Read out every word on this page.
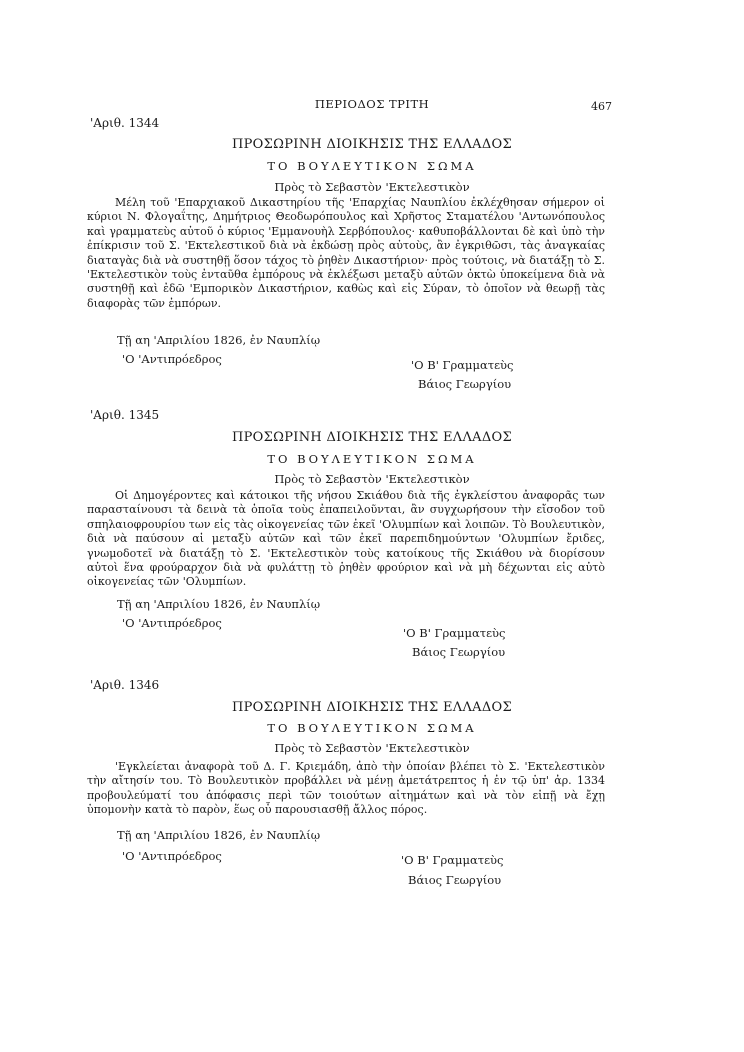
ΠΕΡΙΟΔΟΣ ΤΡΙΤΗ	467
'Αριθ. 1344
ΠΡΟΣΩΡΙΝΗ ΔΙΟΙΚΗΣΙΣ ΤΗΣ ΕΛΛΑΔΟΣ
ΤΟ ΒΟΥΛΕΥΤΙΚΟΝ ΣΩΜΑ
Πρὸς τὸ Σεβαστὸν 'Εκτελεστικὸν

Μέλη τοῦ 'Επαρχιακοῦ Δικαστηρίου τῆς 'Επαρχίας Ναυπλίου ἐκλέχθησαν σήμερον οἱ κύριοι Ν. Φλογαΐτης, Δημήτριος Θεοδωρόπουλος καὶ Χρῆστος Σταματέλου 'Αντωνόπουλος καὶ γραμματεὺς αὐτοῦ ὁ κύριος 'Εμμανουὴλ Σερβόπουλος· καθυποβάλλονται δὲ καὶ ὑπὸ τὴν ἐπίκρισιν τοῦ Σ. 'Εκτελεστικοῦ διὰ νὰ ἐκδώσῃ πρὸς αὐτοὺς, ἂν ἐγκριθῶσι, τὰς ἀναγκαίας διαταγὰς διὰ νὰ συστηθῇ ὅσον τάχος τὸ ῥηθὲν Δικαστήριον· πρὸς τούτοις, νὰ διατάξῃ τὸ Σ. 'Εκτελεστικὸν τοὺς ἐνταῦθα ἐμπόρους νὰ ἐκλέξωσι μεταξὺ αὐτῶν ὀκτὼ ὑποκείμενα διὰ νὰ συστηθῇ καὶ ἐδῶ 'Εμπορικὸν Δικαστήριον, καθὼς καὶ εἰς Σύραν, τὸ ὁποῖον νὰ θεωρῇ τὰς διαφορὰς τῶν ἐμπόρων.

Τῇ αη 'Απριλίου 1826, ἐν Ναυπλίῳ
'Ο 'Αντιπρόεδρος	'Ο Β' Γραμματεὺς
Βάιος Γεωργίου
'Αριθ. 1345
ΠΡΟΣΩΡΙΝΗ ΔΙΟΙΚΗΣΙΣ ΤΗΣ ΕΛΛΑΔΟΣ
ΤΟ ΒΟΥΛΕΥΤΙΚΟΝ ΣΩΜΑ
Πρὸς τὸ Σεβαστὸν 'Εκτελεστικὸν

Οἱ Δημογέροντες καὶ κάτοικοι τῆς νήσου Σκιάθου διὰ τῆς ἐγκλείστου ἀναφορᾶς των παρασταίνουσι τὰ δεινὰ τὰ ὁποῖα τοὺς ἐπαπειλοῦνται, ἂν συγχωρήσουν τὴν εἴσοδον τοῦ σπηλαιοφρουρίου των εἰς τὰς οἰκογενείας τῶν ἐκεῖ 'Ολυμπίων καὶ λοιπῶν. Τὸ Βουλευτικὸν, διὰ νὰ παύσουν αἱ μεταξὺ αὐτῶν καὶ τῶν ἐκεῖ παρεπιδημούντων 'Ολυμπίων ἔριδες, γνωμοδοτεῖ νὰ διατάξῃ τὸ Σ. 'Εκτελεστικὸν τοὺς κατοίκους τῆς Σκιάθου νὰ διορίσουν αὐτοὶ ἕνα φρούραρχον διὰ νὰ φυλάττῃ τὸ ῥηθὲν φρούριον καὶ νὰ μὴ δέχωνται εἰς αὐτὸ οἰκογενείας τῶν 'Ολυμπίων.

Τῇ αη 'Απριλίου 1826, ἐν Ναυπλίῳ
'Ο 'Αντιπρόεδρος
'Ο Β' Γραμματεὺς
Βάιος Γεωργίου
'Αριθ. 1346
ΠΡΟΣΩΡΙΝΗ ΔΙΟΙΚΗΣΙΣ ΤΗΣ ΕΛΛΑΔΟΣ
ΤΟ ΒΟΥΛΕΥΤΙΚΟΝ ΣΩΜΑ
Πρὸς τὸ Σεβαστὸν 'Εκτελεστικὸν

'Εγκλείεται ἀναφορὰ τοῦ Δ. Γ. Κριεμάδη, ἀπὸ τὴν ὁποίαν βλέπει τὸ Σ. 'Εκτελεστικὸν τὴν αἴτησίν του. Τὸ Βουλευτικὸν προβάλλει νὰ μένῃ ἀμετάτρεπτος ἡ ἐν τῷ ὑπ' ἀρ. 1334 προβουλεύματί του ἀπόφασις περὶ τῶν τοιούτων αἰτημάτων καὶ νὰ τὸν εἰπῇ νὰ ἔχῃ ὑπομονὴν κατὰ τὸ παρὸν, ἕως οὗ παρουσιασθῇ ἄλλος πόρος.

Τῇ αη 'Απριλίου 1826, ἐν Ναυπλίῳ
'Ο 'Αντιπρόεδρος	'Ο Β' Γραμματεὺς
Βάιος Γεωργίου
